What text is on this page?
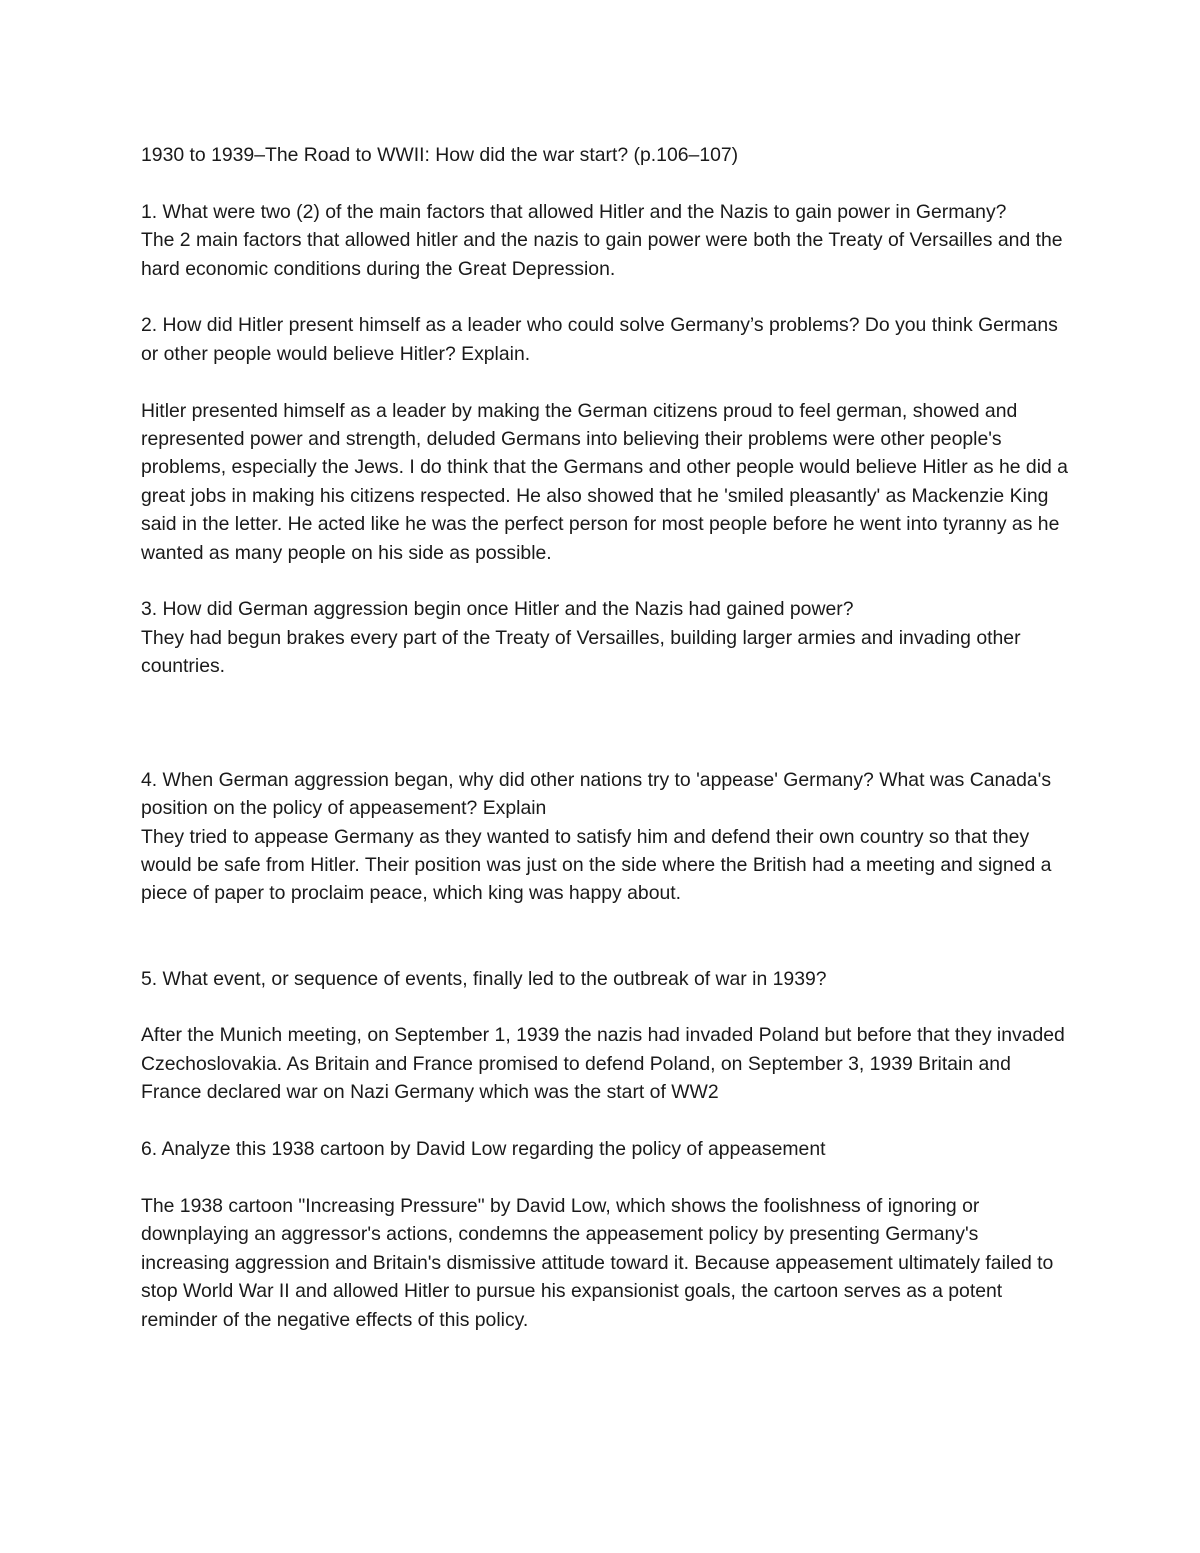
1930 to 1939–The Road to WWII: How did the war start? (p.106–107)

1. What were two (2) of the main factors that allowed Hitler and the Nazis to gain power in Germany?

The 2 main factors that allowed hitler and the nazis to gain power were both the Treaty of Versailles and the hard economic conditions during the Great Depression.

2. How did Hitler present himself as a leader who could solve Germany’s problems? Do you think Germans or other people would believe Hitler? Explain.

Hitler presented himself as a leader by making the German citizens proud to feel german, showed and represented power and strength, deluded Germans into believing their problems were other people's problems, especially the Jews. I do think that the Germans and other people would believe Hitler as he did a great jobs in making his citizens respected. He also showed that he 'smiled pleasantly' as Mackenzie King said in the letter. He acted like he was the perfect person for most people before he went into tyranny as he wanted as many people on his side as possible.

3. How did German aggression begin once Hitler and the Nazis had gained power?

They had begun brakes every part of the Treaty of Versailles, building larger armies and invading other countries.

4. When German aggression began, why did other nations try to 'appease' Germany? What was Canada's position on the policy of appeasement? Explain

They tried to appease Germany as they wanted to satisfy him and defend their own country so that they would be safe from Hitler. Their position was just on the side where the British had a meeting and signed a piece of paper to proclaim peace, which king was happy about.

5. What event, or sequence of events, finally led to the outbreak of war in 1939?

After the Munich meeting, on September 1, 1939 the nazis had invaded Poland but before that they invaded Czechoslovakia. As Britain and France promised to defend Poland, on September 3, 1939 Britain and France declared war on Nazi Germany which was the start of WW2

6. Analyze this 1938 cartoon by David Low regarding the policy of appeasement

The 1938 cartoon "Increasing Pressure" by David Low, which shows the foolishness of ignoring or downplaying an aggressor's actions, condemns the appeasement policy by presenting Germany's increasing aggression and Britain's dismissive attitude toward it. Because appeasement ultimately failed to stop World War II and allowed Hitler to pursue his expansionist goals, the cartoon serves as a potent reminder of the negative effects of this policy.
